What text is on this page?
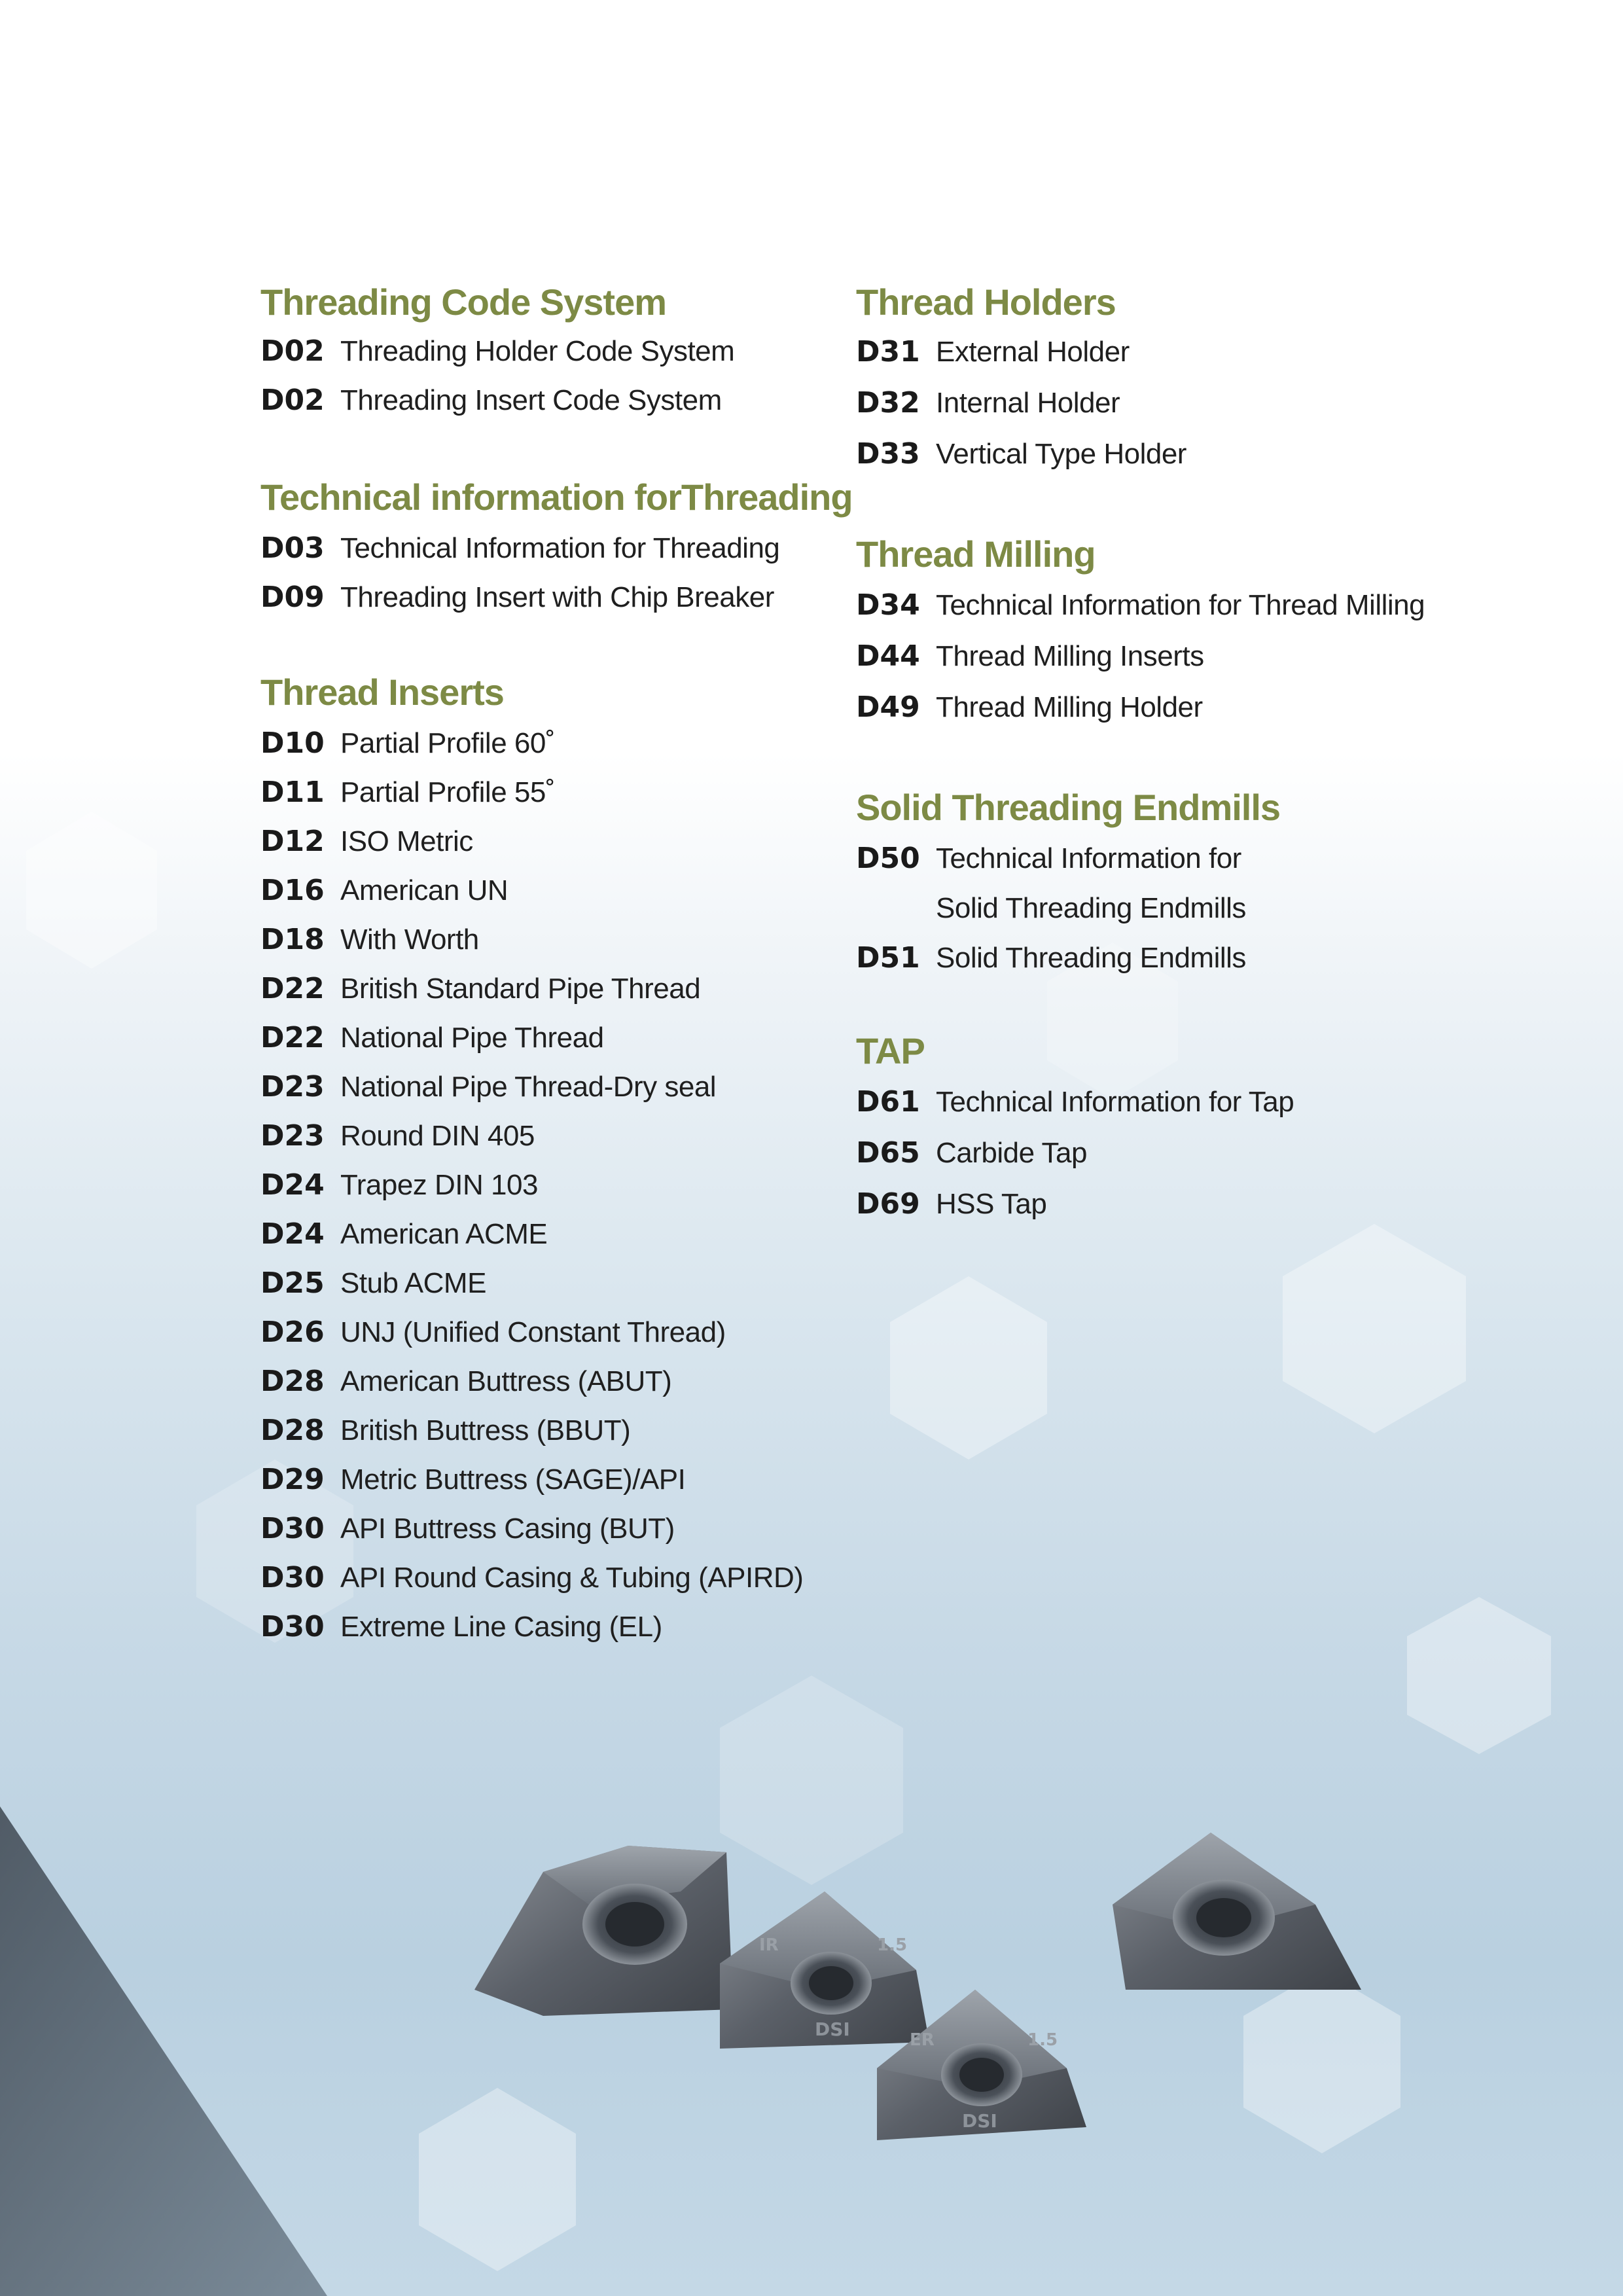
Threading Code System
D02 Threading Holder Code System
D02 Threading Insert Code System
Technical information forThreading
D03 Technical Information for Threading
D09 Threading Insert with Chip Breaker
Thread Inserts
D10 Partial Profile 60˚
D11 Partial Profile 55˚
D12 ISO Metric
D16 American UN
D18 With Worth
D22 British Standard Pipe Thread
D22 National Pipe Thread
D23 National Pipe Thread-Dry seal
D23 Round DIN 405
D24 Trapez DIN 103
D24 American ACME
D25 Stub ACME
D26 UNJ (Unified Constant Thread)
D28 American Buttress (ABUT)
D28 British Buttress (BBUT)
D29 Metric Buttress (SAGE)/API
D30 API Buttress Casing (BUT)
D30 API Round Casing & Tubing (APIRD)
D30 Extreme Line Casing (EL)
Thread Holders
D31 External Holder
D32 Internal Holder
D33 Vertical Type Holder
Thread Milling
D34 Technical Information for Thread Milling
D44 Thread Milling Inserts
D49 Thread Milling Holder
Solid Threading Endmills
D50 Technical Information for
Solid Threading Endmills
D51 Solid Threading Endmills
TAP
D61 Technical Information for Tap
D65 Carbide Tap
D69 HSS Tap
DSI
IR	1.5
DSI
ER	1.5
